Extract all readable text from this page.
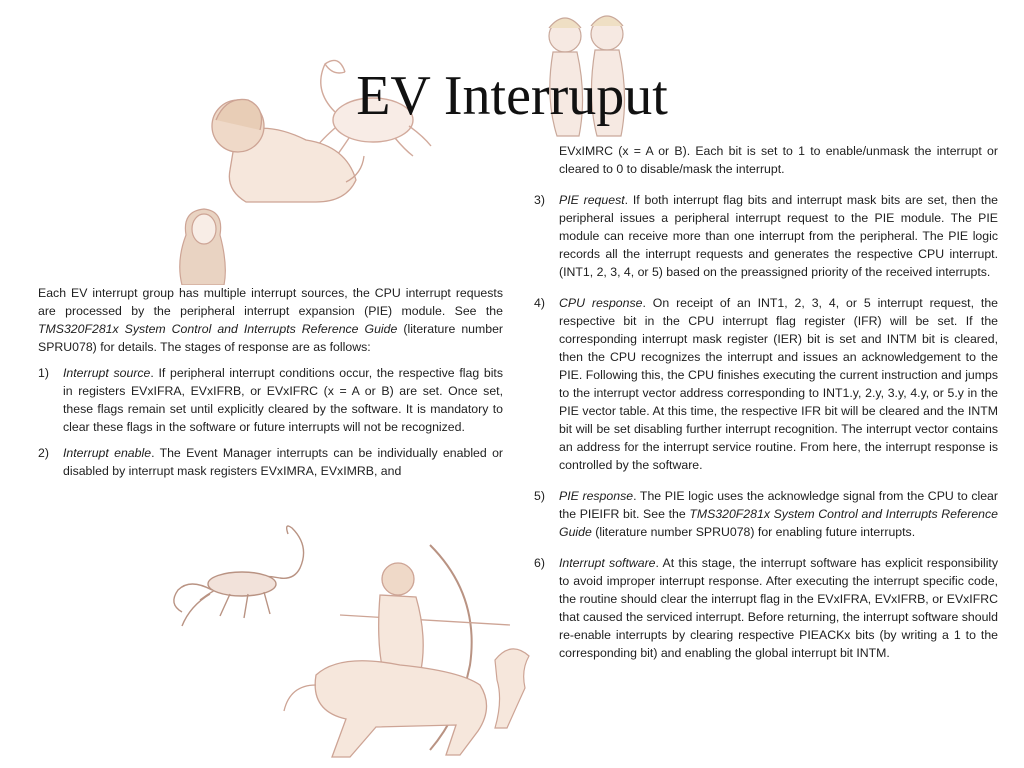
EV Interruput

Each EV interrupt group has multiple interrupt sources, the CPU interrupt requests are processed by the peripheral interrupt expansion (PIE) module. See the TMS320F281x System Control and Interrupts Reference Guide (literature number SPRU078) for details. The stages of response are as follows:

1) Interrupt source. If peripheral interrupt conditions occur, the respective flag bits in registers EVxIFRA, EVxIFRB, or EVxIFRC (x = A or B) are set. Once set, these flags remain set until explicitly cleared by the software. It is mandatory to clear these flags in the software or future interrupts will not be recognized.
2) Interrupt enable. The Event Manager interrupts can be individually enabled or disabled by interrupt mask registers EVxIMRA, EVxIMRB, and
EVxIMRC (x = A or B). Each bit is set to 1 to enable/unmask the interrupt or cleared to 0 to disable/mask the interrupt.
3) PIE request. If both interrupt flag bits and interrupt mask bits are set, then the peripheral issues a peripheral interrupt request to the PIE module. The PIE module can receive more than one interrupt from the peripheral. The PIE logic records all the interrupt requests and generates the respective CPU interrupt. (INT1, 2, 3, 4, or 5) based on the preassigned priority of the received interrupts.
4) CPU response. On receipt of an INT1, 2, 3, 4, or 5 interrupt request, the respective bit in the CPU interrupt flag register (IFR) will be set. If the corresponding interrupt mask register (IER) bit is set and INTM bit is cleared, then the CPU recognizes the interrupt and issues an acknowledgement to the PIE. Following this, the CPU finishes executing the current instruction and jumps to the interrupt vector address corresponding to INT1.y, 2.y, 3.y, 4.y, or 5.y in the PIE vector table. At this time, the respective IFR bit will be cleared and the INTM bit will be set disabling further interrupt recognition. The interrupt vector contains an address for the interrupt service routine. From here, the interrupt response is controlled by the software.
5) PIE response. The PIE logic uses the acknowledge signal from the CPU to clear the PIEIFR bit. See the TMS320F281x System Control and Interrupts Reference Guide (literature number SPRU078) for enabling future interrupts.
6) Interrupt software. At this stage, the interrupt software has explicit responsibility to avoid improper interrupt response. After executing the interrupt specific code, the routine should clear the interrupt flag in the EVxIFRA, EVxIFRB, or EVxIFRC that caused the serviced interrupt. Before returning, the interrupt software should re-enable interrupts by clearing respective PIEACKx bits (by writing a 1 to the corresponding bit) and enabling the global interrupt bit INTM.
